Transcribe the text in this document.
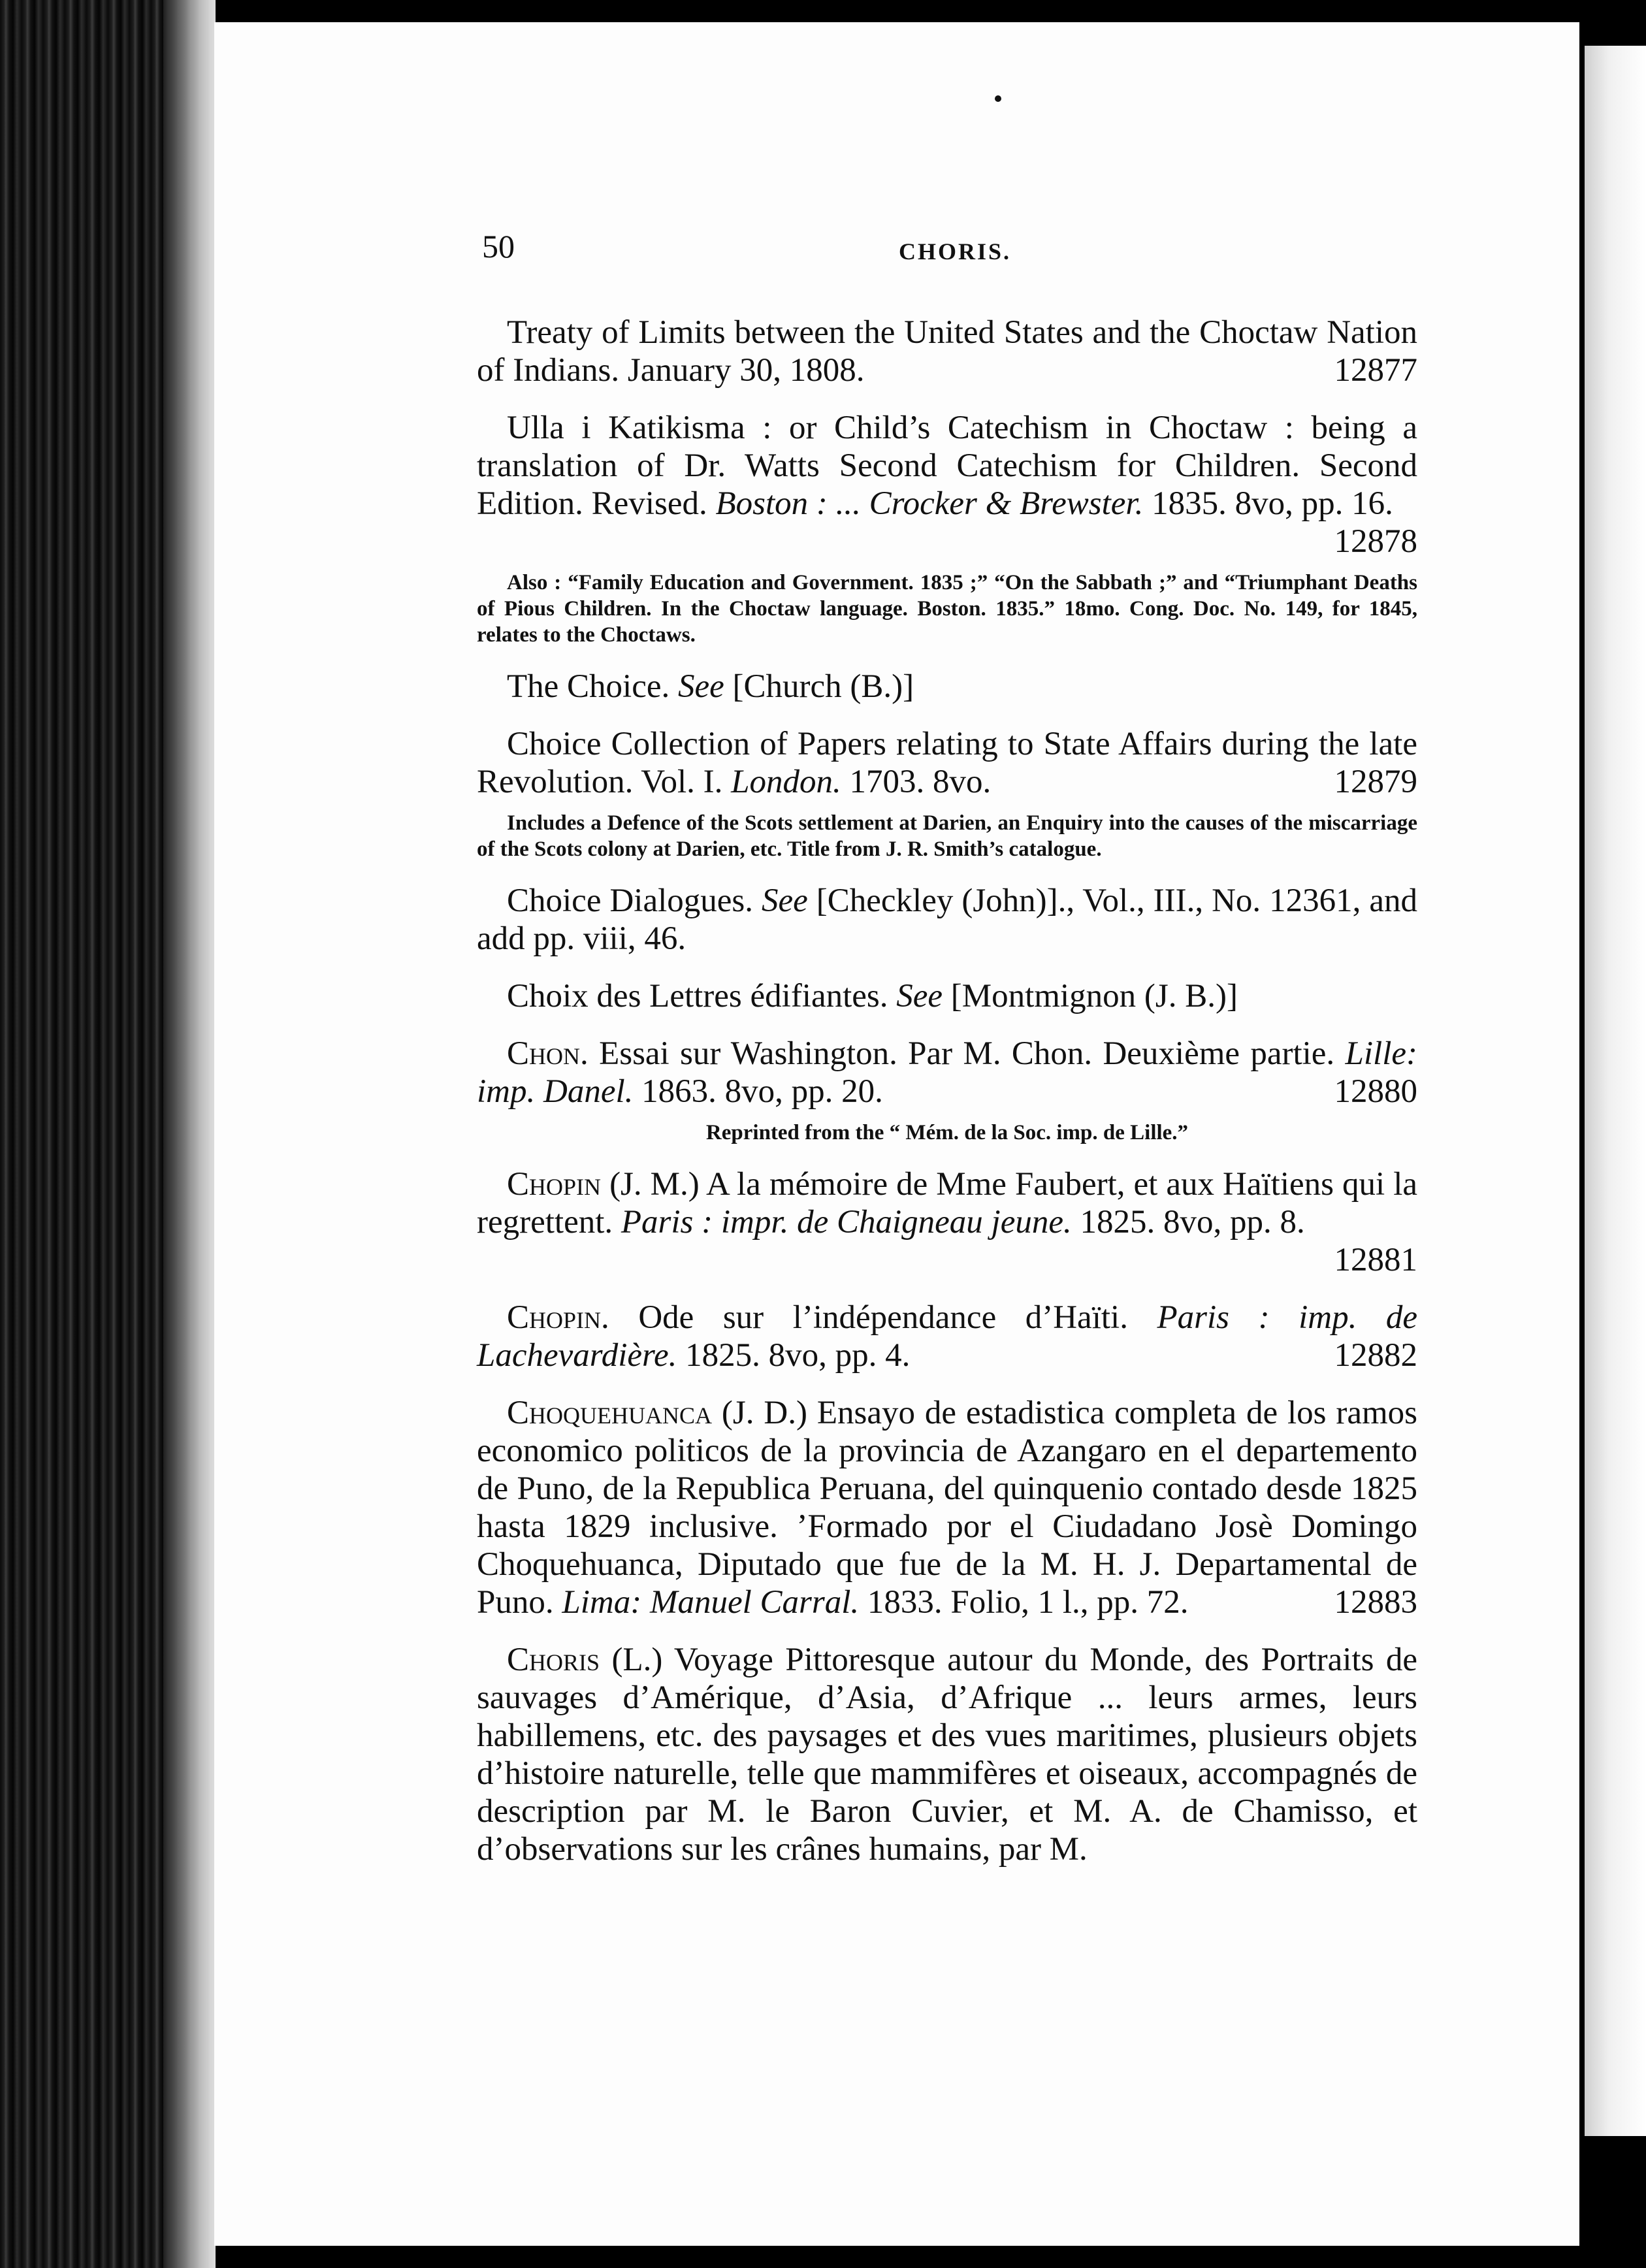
50	CHORIS.

Treaty of Limits between the United States and the Choctaw Nation of Indians. January 30, 1808.	12877
Ulla i Katikisma : or Child’s Catechism in Choctaw : being a translation of Dr. Watts Second Catechism for Children. Second Edition. Revised. Boston : ... Crocker & Brewster. 1835. 8vo, pp. 16.
12878

Also : “Family Education and Government. 1835 ;” “On the Sabbath ;” and “Triumphant Deaths of Pious Children. In the Choctaw language. Boston. 1835.” 18mo. Cong. Doc. No. 149, for 1845, relates to the Choctaws.

The Choice. See [Church (B.)]
Choice Collection of Papers relating to State Affairs during the late Revolution. Vol. I. London. 1703. 8vo.	12879

Includes a Defence of the Scots settlement at Darien, an Enquiry into the causes of the miscarriage of the Scots colony at Darien, etc. Title from J. R. Smith’s catalogue.

Choice Dialogues. See [Checkley (John)]., Vol., III., No. 12361, and add pp. viii, 46.
Choix des Lettres édifiantes. See [Montmignon (J. B.)]
Chon. Essai sur Washington. Par M. Chon. Deuxième partie. Lille: imp. Danel. 1863. 8vo, pp. 20.	12880

Reprinted from the “ Mém. de la Soc. imp. de Lille.”

Chopin (J. M.) A la mémoire de Mme Faubert, et aux Haïtiens qui la regrettent. Paris : impr. de Chaigneau jeune. 1825. 8vo, pp. 8.
12881
Chopin. Ode sur l’indépendance d’Haïti. Paris : imp. de Lachevardière. 1825. 8vo, pp. 4.	12882
Choquehuanca (J. D.) Ensayo de estadistica completa de los ramos economico politicos de la provincia de Azangaro en el departemento de Puno, de la Republica Peruana, del quinquenio contado desde 1825 hasta 1829 inclusive. ’Formado por el Ciudadano Josè Domingo Choquehuanca, Diputado que fue de la M. H. J. Departamental de Puno. Lima: Manuel Carral. 1833. Folio, 1 l., pp. 72.	12883
Choris (L.) Voyage Pittoresque autour du Monde, des Portraits de sauvages d’Amérique, d’Asia, d’Afrique ... leurs armes, leurs habillemens, etc. des paysages et des vues maritimes, plusieurs objets d’histoire naturelle, telle que mammifères et oiseaux, accompagnés de description par M. le Baron Cuvier, et M. A. de Chamisso, et d’observations sur les crânes humains, par M.
